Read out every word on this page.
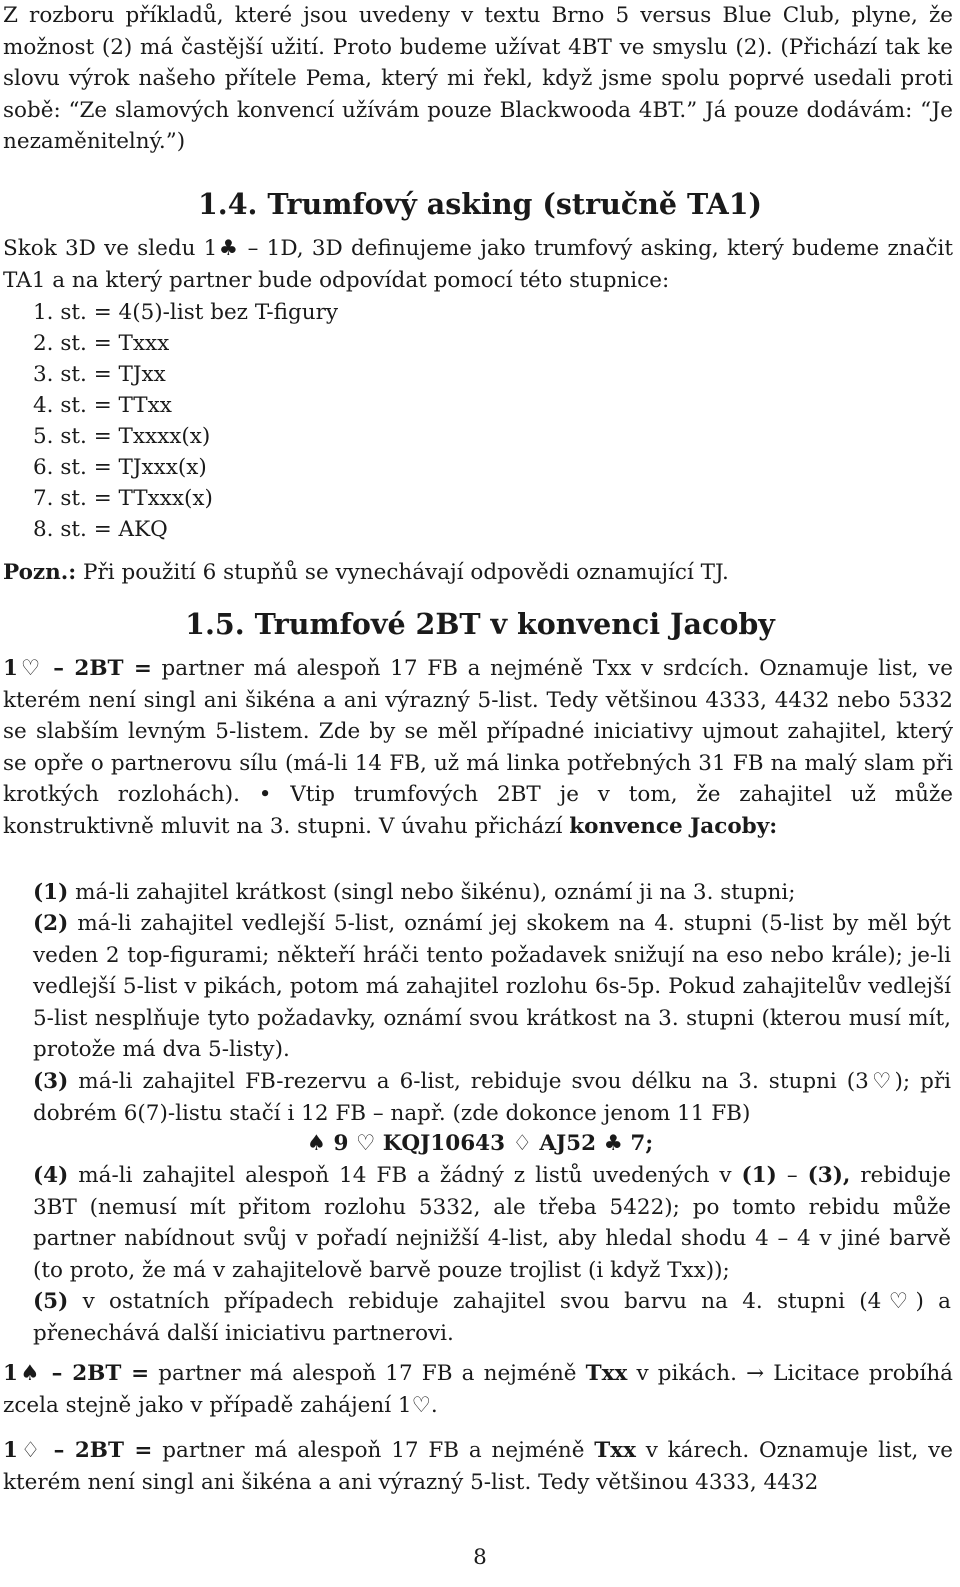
Z rozboru příkladů, které jsou uvedeny v textu Brno 5 versus Blue Club, plyne, že možnost (2) má častější užití. Proto budeme užívat 4BT ve smyslu (2). (Přichází tak ke slovu výrok našeho přítele Pema, který mi řekl, když jsme spolu poprvé usedali proti sobě: “Ze slamových konvencí užívám pouze Blackwooda 4BT.” Já pouze dodávám: “Je nezaměnitelný.”)

1.4. Trumfový asking (stručně TA1)

Skok 3D ve sledu 1♣ – 1D, 3D definujeme jako trumfový asking, který budeme značit TA1 a na který partner bude odpovídat pomocí této stupnice:

1. st. = 4(5)-list bez T-figury
2. st. = Txxx
3. st. = TJxx
4. st. = TTxx
5. st. = Txxxx(x)
6. st. = TJxxx(x)
7. st. = TTxxx(x)
8. st. = AKQ

Pozn.: Při použití 6 stupňů se vynechávají odpovědi oznamující TJ.

1.5. Trumfové 2BT v konvenci Jacoby

1♡ – 2BT = partner má alespoň 17 FB a nejméně Txx v srdcích. Oznamuje list, ve kterém není singl ani šikéna a ani výrazný 5-list. Tedy většinou 4333, 4432 nebo 5332 se slabším levným 5-listem. Zde by se měl případné iniciativy ujmout zahajitel, který se opře o partnerovu sílu (má-li 14 FB, už má linka potřebných 31 FB na malý slam při krotkých rozlohách). • Vtip trumfových 2BT je v tom, že zahajitel už může konstruktivně mluvit na 3. stupni. V úvahu přichází konvence Jacoby:

(1) má-li zahajitel krátkost (singl nebo šikénu), oznámí ji na 3. stupni;

(2) má-li zahajitel vedlejší 5-list, oznámí jej skokem na 4. stupni (5-list by měl být veden 2 top-figurami; někteří hráči tento požadavek snižují na eso nebo krále); je-li vedlejší 5-list v pikách, potom má zahajitel rozlohu 6s-5p. Pokud zahajitelův vedlejší 5-list nesplňuje tyto požadavky, oznámí svou krátkost na 3. stupni (kterou musí mít, protože má dva 5-listy).

(3) má-li zahajitel FB-rezervu a 6-list, rebiduje svou délku na 3. stupni (3♡); při dobrém 6(7)-listu stačí i 12 FB – např. (zde dokonce jenom 11 FB)

♠ 9 ♡ KQJ10643 ♢ AJ52 ♣ 7;

(4) má-li zahajitel alespoň 14 FB a žádný z listů uvedených v (1) – (3), rebiduje 3BT (nemusí mít přitom rozlohu 5332, ale třeba 5422); po tomto rebidu může partner nabídnout svůj v pořadí nejnižší 4-list, aby hledal shodu 4 – 4 v jiné barvě (to proto, že má v zahajitelově barvě pouze trojlist (i když Txx));

(5) v ostatních případech rebiduje zahajitel svou barvu na 4. stupni (4♡) a přenechává další iniciativu partnerovi.

1♠ – 2BT = partner má alespoň 17 FB a nejméně Txx v pikách. → Licitace probíhá zcela stejně jako v případě zahájení 1♡.

1♢ – 2BT = partner má alespoň 17 FB a nejméně Txx v kárech. Oznamuje list, ve kterém není singl ani šikéna a ani výrazný 5-list. Tedy většinou 4333, 4432

8
